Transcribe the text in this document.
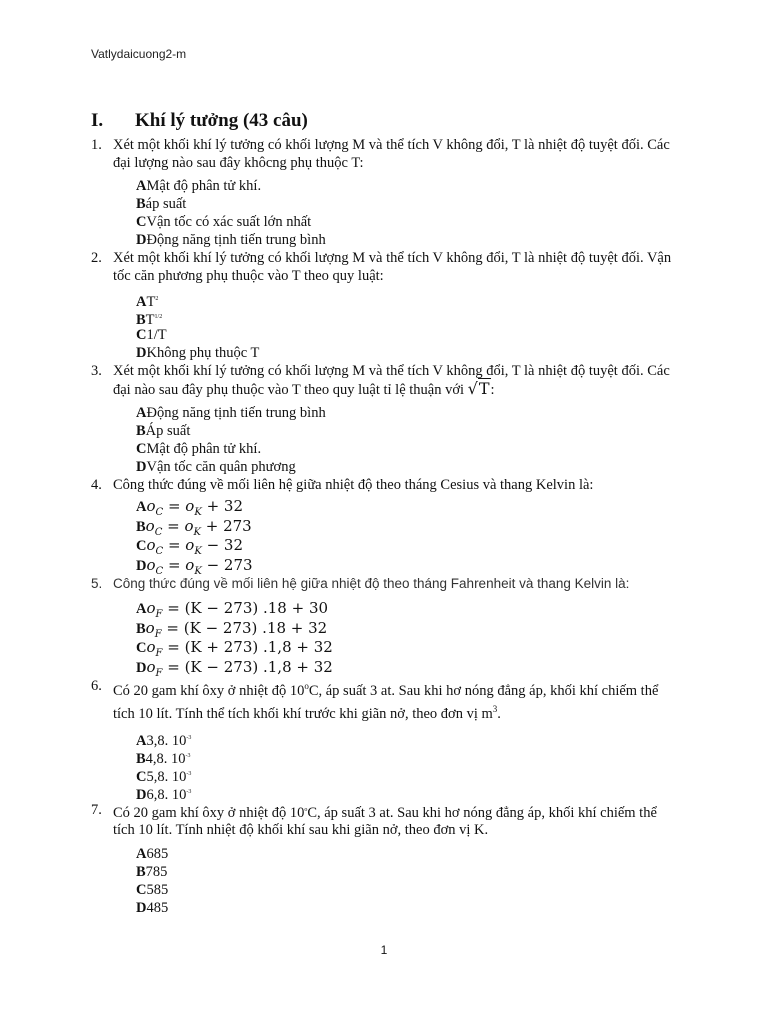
Vatlydaicuong2-m
I.	Khí lý tưởng (43 câu)
1. Xét một khối khí lý tưởng có khối lượng M và thể tích V không đổi, T là nhiệt độ tuyệt đối. Các đại lượng nào sau đây khôcng phụ thuộc T:
AMật độ phân tử khí.
Báp suất
CVận tốc có xác suất lớn nhất
DĐộng năng tịnh tiến trung bình
2. Xét một khối khí lý tưởng có khối lượng M và thể tích V không đổi, T là nhiệt độ tuyệt đối. Vận tốc căn phương phụ thuộc vào T theo quy luật:
$AT^2$
$BT^{1/2}$
C1/T
DKhông phụ thuộc T
3. Xét một khối khí lý tưởng có khối lượng M và thể tích V không đổi, T là nhiệt độ tuyệt đối. Các đại nào sau đây phụ thuộc vào T theo quy luật tỉ lệ thuận với √T:
AĐộng năng tịnh tiến trung bình
BÁp suất
CMật độ phân tử khí.
DVận tốc căn quân phương
4. Công thức đúng về mối liên hệ giữa nhiệt độ theo tháng Cesius và thang Kelvin là:
$Ao_C = o_K + 32$
$Bo_C = o_K + 273$
$Co_C = o_K - 32$
$Do_C = o_K - 273$
5. Công thức đúng về mối liên hệ giữa nhiệt độ theo tháng Fahrenheit và thang Kelvin là:
$Ao_F = (K - 273) .18 + 30$
$Bo_F = (K - 273) .18 + 32$
$Co_F = (K + 273) .1,8 + 32$
$Do_F = (K - 273) .1,8 + 32$
6. Có 20 gam khí ôxy ở nhiệt độ 10$^o$C, áp suất 3 at. Sau khi hơ nóng đẳng áp, khối khí chiếm thể tích 10 lít. Tính thể tích khối khí trước khi giãn nở, theo đơn vị $m^3$.
A3,8. $10^{-3}$
B4,8. $10^{-3}$
C5,8. $10^{-3}$
D6,8. $10^{-3}$
7. Có 20 gam khí ôxy ở nhiệt độ 10$^o$C, áp suất 3 at. Sau khi hơ nóng đẳng áp, khối khí chiếm thể tích 10 lít. Tính nhiệt độ khối khí sau khi giãn nở, theo đơn vị K.
A685
B785
C585
D485
1
